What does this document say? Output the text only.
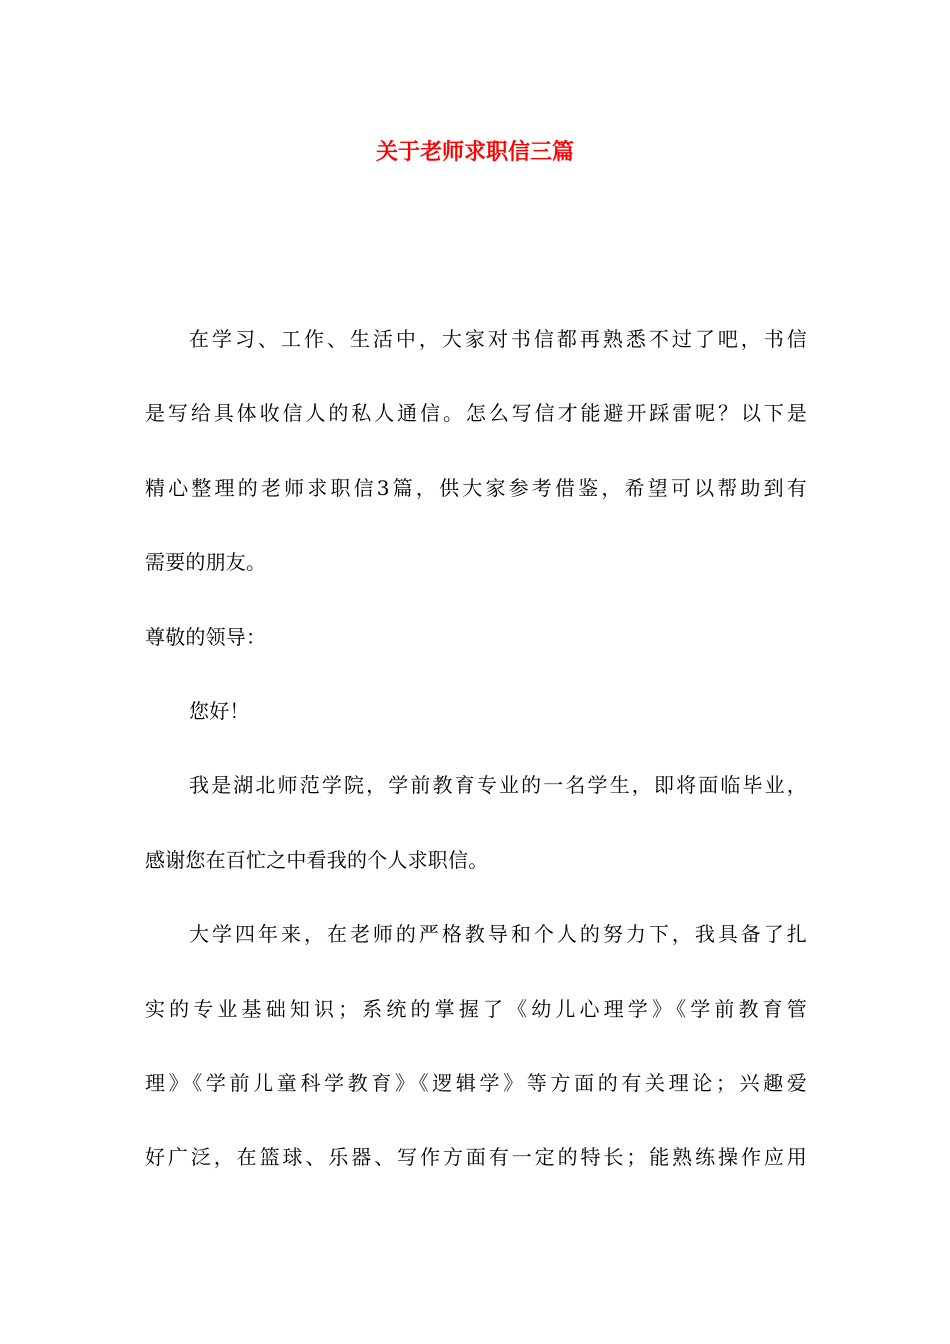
关于老师求职信三篇
在学习、工作、生活中，大家对书信都再熟悉不过了吧，书信
是写给具体收信人的私人通信。怎么写信才能避开踩雷呢？以下是
精心整理的老师求职信3篇，供大家参考借鉴，希望可以帮助到有
需要的朋友。
尊敬的领导：
您好！
我是湖北师范学院，学前教育专业的一名学生，即将面临毕业，
感谢您在百忙之中看我的个人求职信。
大学四年来，在老师的严格教导和个人的努力下，我具备了扎
实的专业基础知识；系统的掌握了《幼儿心理学》《学前教育管
理》《学前儿童科学教育》《逻辑学》等方面的有关理论；兴趣爱
好广泛，在篮球、乐器、写作方面有一定的特长；能熟练操作应用
